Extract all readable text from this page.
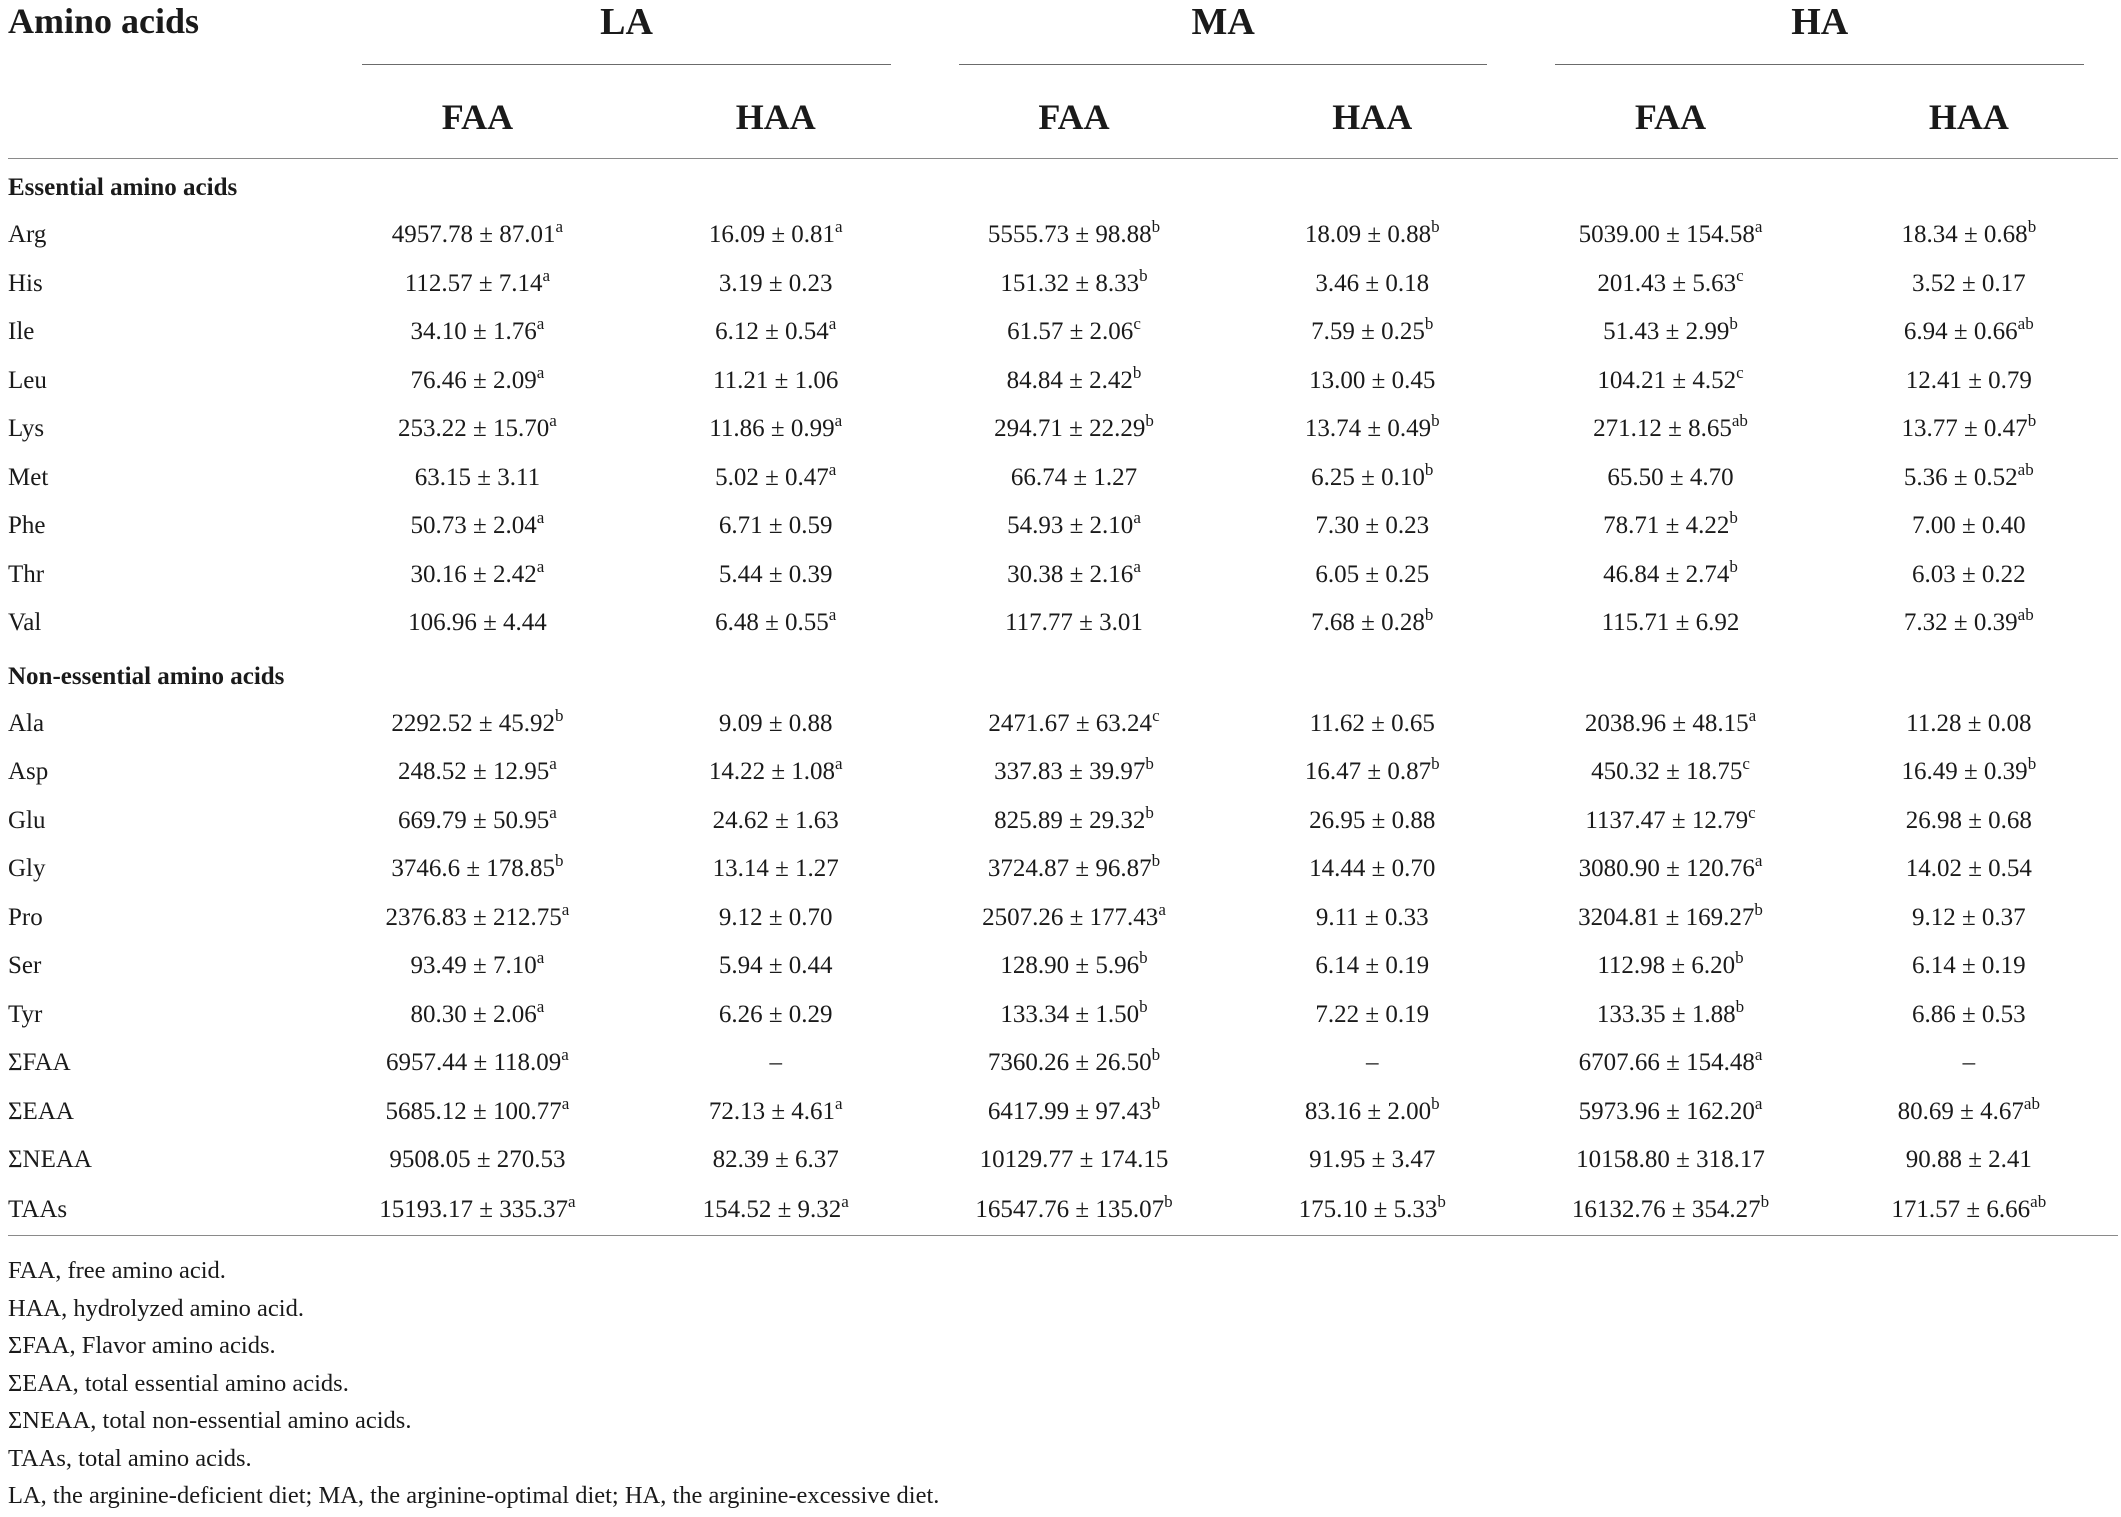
Amino acids	LA		MA		HA	

	FAA	HAA	FAA	HAA	FAA	HAA
Essential amino acids						
Arg	4957.78 ± 87.01$^a$	16.09 ± 0.81$^a$	5555.73 ± 98.88$^b$	18.09 ± 0.88$^b$	5039.00 ± 154.58$^a$	18.34 ± 0.68$^b$
His	112.57 ± 7.14$^a$	3.19 ± 0.23	151.32 ± 8.33$^b$	3.46 ± 0.18	201.43 ± 5.63$^c$	3.52 ± 0.17
Ile	34.10 ± 1.76$^a$	6.12 ± 0.54$^a$	61.57 ± 2.06$^c$	7.59 ± 0.25$^b$	51.43 ± 2.99$^b$	6.94 ± 0.66$^{ab}$
Leu	76.46 ± 2.09$^a$	11.21 ± 1.06	84.84 ± 2.42$^b$	13.00 ± 0.45	104.21 ± 4.52$^c$	12.41 ± 0.79
Lys	253.22 ± 15.70$^a$	11.86 ± 0.99$^a$	294.71 ± 22.29$^b$	13.74 ± 0.49$^b$	271.12 ± 8.65$^{ab}$	13.77 ± 0.47$^b$
Met	63.15 ± 3.11	5.02 ± 0.47$^a$	66.74 ± 1.27	6.25 ± 0.10$^b$	65.50 ± 4.70	5.36 ± 0.52$^{ab}$
Phe	50.73 ± 2.04$^a$	6.71 ± 0.59	54.93 ± 2.10$^a$	7.30 ± 0.23	78.71 ± 4.22$^b$	7.00 ± 0.40
Thr	30.16 ± 2.42$^a$	5.44 ± 0.39	30.38 ± 2.16$^a$	6.05 ± 0.25	46.84 ± 2.74$^b$	6.03 ± 0.22
Val	106.96 ± 4.44	6.48 ± 0.55$^a$	117.77 ± 3.01	7.68 ± 0.28$^b$	115.71 ± 6.92	7.32 ± 0.39$^{ab}$
Non-essential amino acids						
Ala	2292.52 ± 45.92$^b$	9.09 ± 0.88	2471.67 ± 63.24$^c$	11.62 ± 0.65	2038.96 ± 48.15$^a$	11.28 ± 0.08
Asp	248.52 ± 12.95$^a$	14.22 ± 1.08$^a$	337.83 ± 39.97$^b$	16.47 ± 0.87$^b$	450.32 ± 18.75$^c$	16.49 ± 0.39$^b$
Glu	669.79 ± 50.95$^a$	24.62 ± 1.63	825.89 ± 29.32$^b$	26.95 ± 0.88	1137.47 ± 12.79$^c$	26.98 ± 0.68
Gly	3746.6 ± 178.85$^b$	13.14 ± 1.27	3724.87 ± 96.87$^b$	14.44 ± 0.70	3080.90 ± 120.76$^a$	14.02 ± 0.54
Pro	2376.83 ± 212.75$^a$	9.12 ± 0.70	2507.26 ± 177.43$^a$	9.11 ± 0.33	3204.81 ± 169.27$^b$	9.12 ± 0.37
Ser	93.49 ± 7.10$^a$	5.94 ± 0.44	128.90 ± 5.96$^b$	6.14 ± 0.19	112.98 ± 6.20$^b$	6.14 ± 0.19
Tyr	80.30 ± 2.06$^a$	6.26 ± 0.29	133.34 ± 1.50$^b$	7.22 ± 0.19	133.35 ± 1.88$^b$	6.86 ± 0.53
ΣFAA	6957.44 ± 118.09$^a$	–	7360.26 ± 26.50$^b$	–	6707.66 ± 154.48$^a$	–
ΣEAA	5685.12 ± 100.77$^a$	72.13 ± 4.61$^a$	6417.99 ± 97.43$^b$	83.16 ± 2.00$^b$	5973.96 ± 162.20$^a$	80.69 ± 4.67$^{ab}$
ΣNEAA	9508.05 ± 270.53	82.39 ± 6.37	10129.77 ± 174.15	91.95 ± 3.47	10158.80 ± 318.17	90.88 ± 2.41
TAAs	15193.17 ± 335.37$^a$	154.52 ± 9.32$^a$	16547.76 ± 135.07$^b$	175.10 ± 5.33$^b$	16132.76 ± 354.27$^b$	171.57 ± 6.66$^{ab}$
FAA, free amino acid.
HAA, hydrolyzed amino acid.
ΣFAA, Flavor amino acids.
ΣEAA, total essential amino acids.
ΣNEAA, total non-essential amino acids.
TAAs, total amino acids.
LA, the arginine-deficient diet; MA, the arginine-optimal diet; HA, the arginine-excessive diet.
